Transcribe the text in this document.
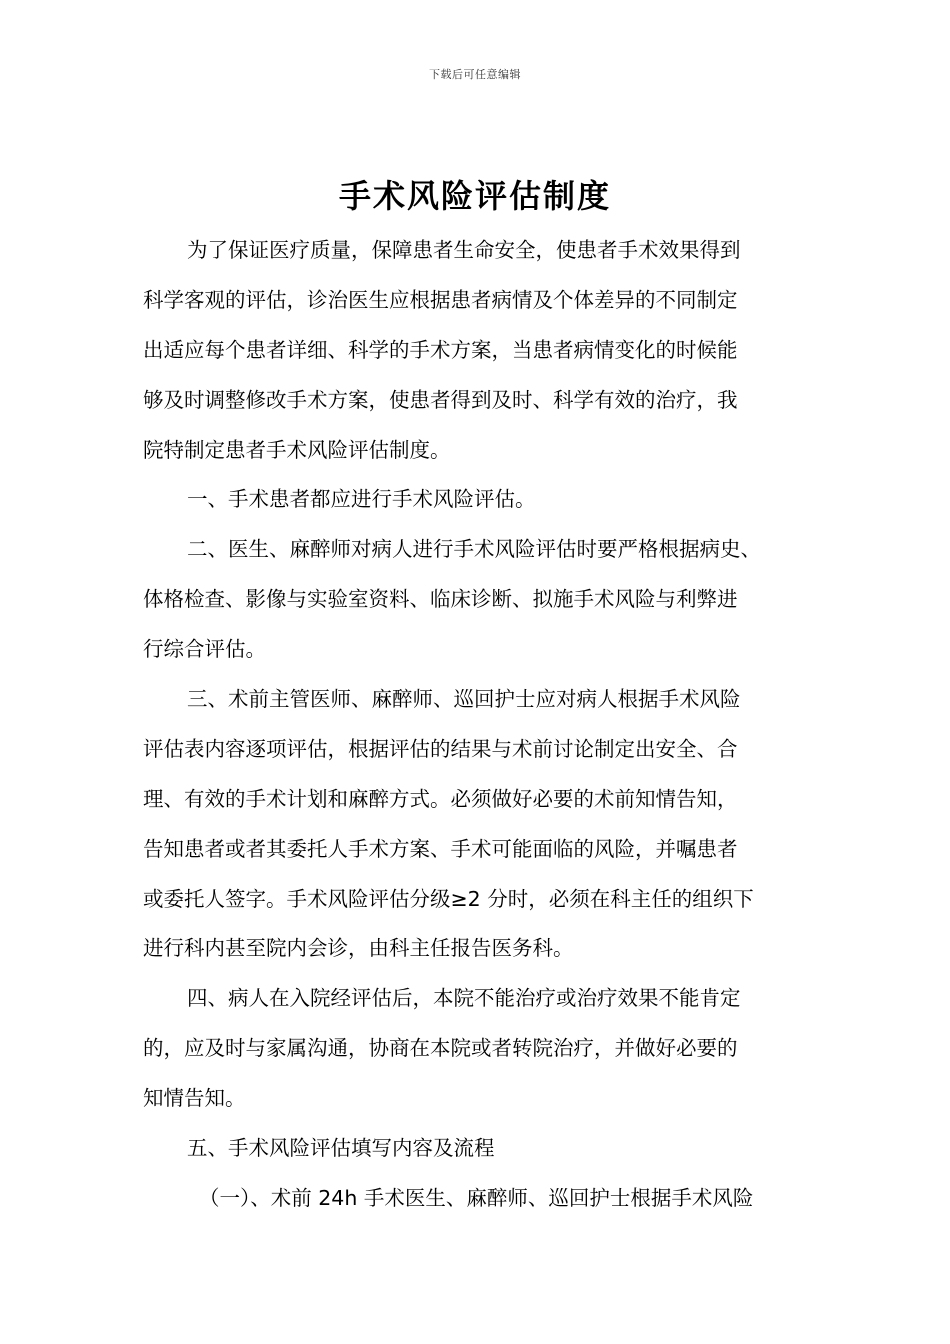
下载后可任意编辑
手术风险评估制度
为了保证医疗质量，保障患者生命安全，使患者手术效果得到
科学客观的评估，诊治医生应根据患者病情及个体差异的不同制定
出适应每个患者详细、科学的手术方案，当患者病情变化的时候能
够及时调整修改手术方案，使患者得到及时、科学有效的治疗，我
院特制定患者手术风险评估制度。
一、手术患者都应进行手术风险评估。
二、医生、麻醉师对病人进行手术风险评估时要严格根据病史、
体格检查、影像与实验室资料、临床诊断、拟施手术风险与利弊进
行综合评估。
三、术前主管医师、麻醉师、巡回护士应对病人根据手术风险
评估表内容逐项评估，根据评估的结果与术前讨论制定出安全、合
理、有效的手术计划和麻醉方式。必须做好必要的术前知情告知，
告知患者或者其委托人手术方案、手术可能面临的风险，并嘱患者
或委托人签字。手术风险评估分级≥2 分时，必须在科主任的组织下
进行科内甚至院内会诊，由科主任报告医务科。
四、病人在入院经评估后，本院不能治疗或治疗效果不能肯定
的，应及时与家属沟通，协商在本院或者转院治疗，并做好必要的
知情告知。
五、手术风险评估填写内容及流程
（一）、术前 24h 手术医生、麻醉师、巡回护士根据手术风险
